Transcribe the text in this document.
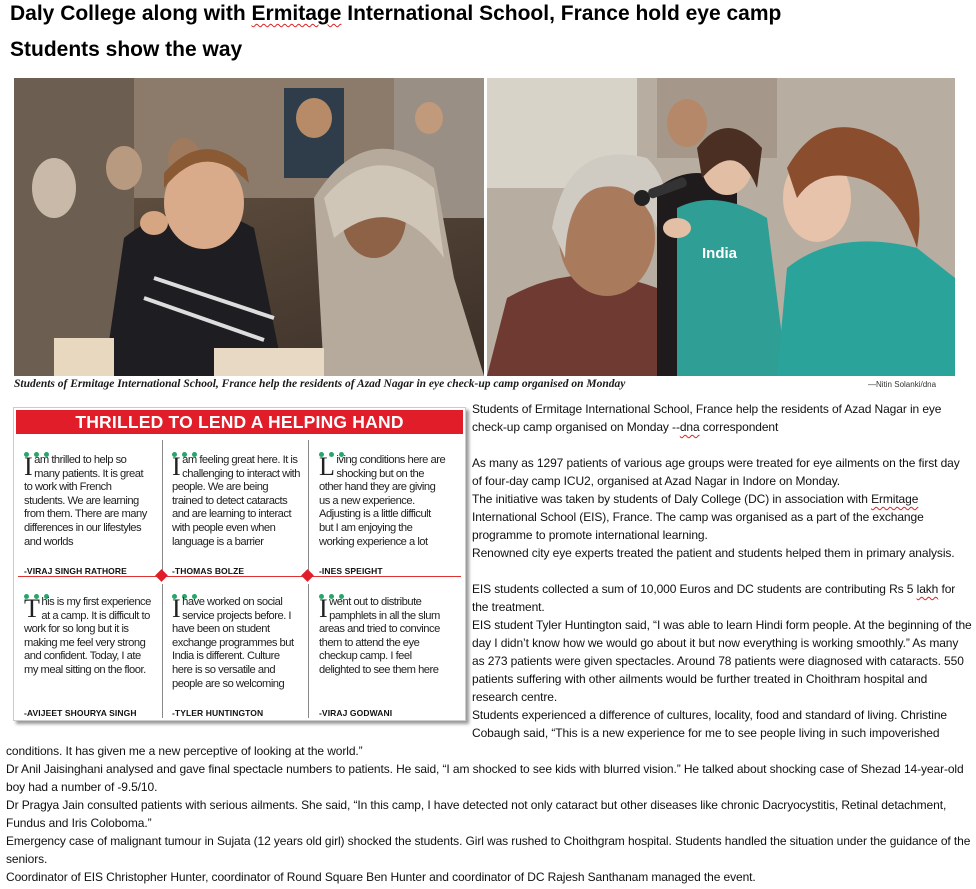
Daly College along with Ermitage International School, France hold eye camp
Students show the way
India
Students of Ermitage International School, France help the residents of Azad Nagar in eye check-up camp organised on Monday	—Nitin Solanki/dna
THRILLED TO LEND A HELPING HAND
Iam thrilled to help so many patients. It is great to work with French students. We are learning from them. There are many differences in our lifestyles and worlds
-VIRAJ SINGH RATHORE
Iam feeling great here. It is challenging to interact with people. We are being trained to detect cataracts and are learning to interact with people even when language is a barrier
-THOMAS BOLZE
Living conditions here are shocking but on the other hand they are giving us a new experience. Adjusting is a little difficult but I am enjoying the working experience a lot
-INES SPEIGHT
This is my first experience at a camp. It is difficult to work for so long but it is making me feel very strong and confident. Today, I ate my meal sitting on the floor.
-AVIJEET SHOURYA SINGH
Ihave worked on social service projects before. I have been on student exchange programmes but India is different. Culture here is so versatile and people are so welcoming
-TYLER HUNTINGTON
Iwent out to distribute pamphlets in all the slum areas and tried to convince them to attend the eye checkup camp. I feel delighted to see them here
-VIRAJ GODWANI
Students of Ermitage International School, France help the residents of Azad Nagar in eye check-up camp organised on Monday --dna correspondent
As many as 1297 patients of various age groups were treated for eye ailments on the first day of four-day camp ICU2, organised at Azad Nagar in Indore on Monday.
The initiative was taken by students of Daly College (DC) in association with Ermitage International School (EIS), France. The camp was organised as a part of the exchange programme to promote international learning.
Renowned city eye experts treated the patient and students helped them in primary analysis.
EIS students collected a sum of 10,000 Euros and DC students are contributing Rs 5 lakh for the treatment.
EIS student Tyler Huntington said, “I was able to learn Hindi form people. At the beginning of the day I didn’t know how we would go about it but now everything is working smoothly.” As many as 273 patients were given spectacles. Around 78 patients were diagnosed with cataracts. 550 patients suffering with other ailments would be further treated in Choithram hospital and research centre.
Students experienced a difference of cultures, locality, food and standard of living. Christine Cobaugh said, “This is a new experience for me to see people living in such impoverished
conditions. It has given me a new perceptive of looking at the world.”
Dr Anil Jaisinghani analysed and gave final spectacle numbers to patients. He said, “I am shocked to see kids with blurred vision.” He talked about shocking case of Shezad 14-year-old boy had a number of -9.5/10.
Dr Pragya Jain consulted patients with serious ailments. She said, “In this camp, I have detected not only cataract but other diseases like chronic Dacryocystitis, Retinal detachment, Fundus and Iris Coloboma.”
Emergency case of malignant tumour in Sujata (12 years old girl) shocked the students. Girl was rushed to Choithgram hospital. Students handled the situation under the guidance of the seniors.
Coordinator of EIS Christopher Hunter, coordinator of Round Square Ben Hunter and coordinator of DC Rajesh Santhanam managed the event.
